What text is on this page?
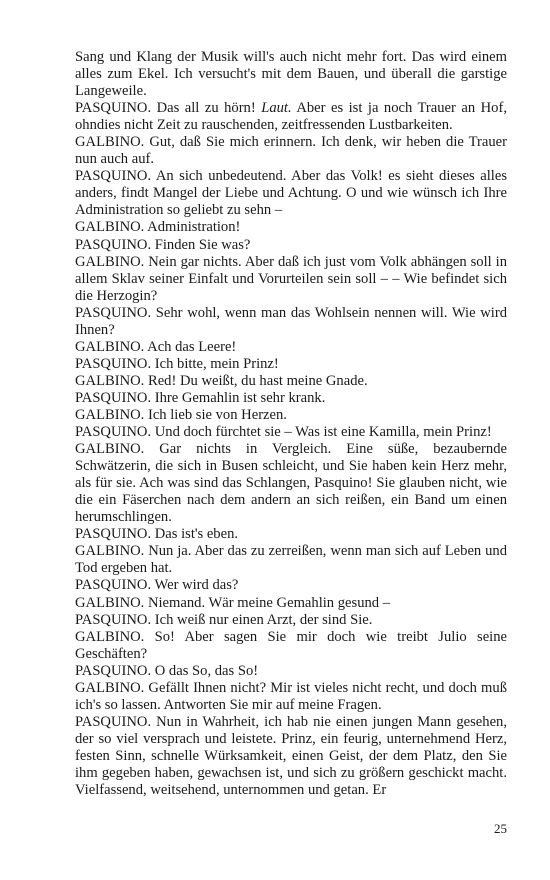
Sang und Klang der Musik will's auch nicht mehr fort. Das wird einem alles zum Ekel. Ich versucht's mit dem Bauen, und überall die garstige Langeweile.

PASQUINO. Das all zu hörn! Laut. Aber es ist ja noch Trauer an Hof, ohndies nicht Zeit zu rauschenden, zeitfressenden Lustbarkeiten.

GALBINO. Gut, daß Sie mich erinnern. Ich denk, wir heben die Trauer nun auch auf.

PASQUINO. An sich unbedeutend. Aber das Volk! es sieht dieses alles anders, findt Mangel der Liebe und Achtung. O und wie wünsch ich Ihre Administration so geliebt zu sehn –

GALBINO. Administration!

PASQUINO. Finden Sie was?

GALBINO. Nein gar nichts. Aber daß ich just vom Volk abhängen soll in allem Sklav seiner Einfalt und Vorurteilen sein soll – – Wie befindet sich die Herzogin?

PASQUINO. Sehr wohl, wenn man das Wohlsein nennen will. Wie wird Ihnen?

GALBINO. Ach das Leere!

PASQUINO. Ich bitte, mein Prinz!

GALBINO. Red! Du weißt, du hast meine Gnade.

PASQUINO. Ihre Gemahlin ist sehr krank.

GALBINO. Ich lieb sie von Herzen.

PASQUINO. Und doch fürchtet sie – Was ist eine Kamilla, mein Prinz!

GALBINO. Gar nichts in Vergleich. Eine süße, bezaubernde Schwätzerin, die sich in Busen schleicht, und Sie haben kein Herz mehr, als für sie. Ach was sind das Schlangen, Pasquino! Sie glauben nicht, wie die ein Fäserchen nach dem andern an sich reißen, ein Band um einen herumschlingen.

PASQUINO. Das ist's eben.

GALBINO. Nun ja. Aber das zu zerreißen, wenn man sich auf Leben und Tod ergeben hat.

PASQUINO. Wer wird das?

GALBINO. Niemand. Wär meine Gemahlin gesund –

PASQUINO. Ich weiß nur einen Arzt, der sind Sie.

GALBINO. So! Aber sagen Sie mir doch wie treibt Julio seine Geschäften?

PASQUINO. O das So, das So!

GALBINO. Gefällt Ihnen nicht? Mir ist vieles nicht recht, und doch muß ich's so lassen. Antworten Sie mir auf meine Fragen.

PASQUINO. Nun in Wahrheit, ich hab nie einen jungen Mann gesehen, der so viel versprach und leistete. Prinz, ein feurig, unternehmend Herz, festen Sinn, schnelle Würksamkeit, einen Geist, der dem Platz, den Sie ihm gegeben haben, gewachsen ist, und sich zu größern geschickt macht. Vielfassend, weitsehend, unternommen und getan. Er

25
